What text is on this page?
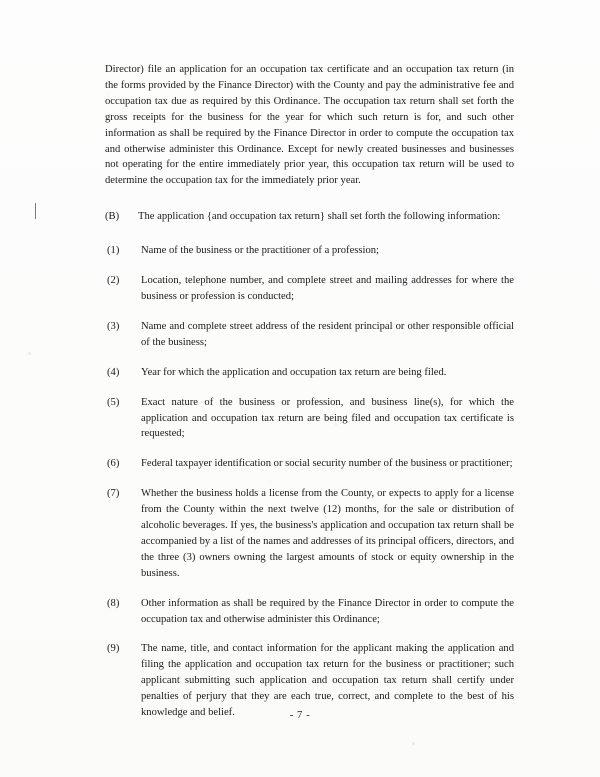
Director) file an application for an occupation tax certificate and an occupation tax return (in the forms provided by the Finance Director) with the County and pay the administrative fee and occupation tax due as required by this Ordinance. The occupation tax return shall set forth the gross receipts for the business for the year for which such return is for, and such other information as shall be required by the Finance Director in order to compute the occupation tax and otherwise administer this Ordinance. Except for newly created businesses and businesses not operating for the entire immediately prior year, this occupation tax return will be used to determine the occupation tax for the immediately prior year.

(B)	The application {and occupation tax return} shall set forth the following information:
(1)	Name of the business or the practitioner of a profession;
(2)	Location, telephone number, and complete street and mailing addresses for where the business or profession is conducted;
(3)	Name and complete street address of the resident principal or other responsible official of the business;
(4)	Year for which the application and occupation tax return are being filed.
(5)	Exact nature of the business or profession, and business line(s), for which the application and occupation tax return are being filed and occupation tax certificate is requested;
(6)	Federal taxpayer identification or social security number of the business or practitioner;
(7)	Whether the business holds a license from the County, or expects to apply for a license from the County within the next twelve (12) months, for the sale or distribution of alcoholic beverages. If yes, the business's application and occupation tax return shall be accompanied by a list of the names and addresses of its principal officers, directors, and the three (3) owners owning the largest amounts of stock or equity ownership in the business.
(8)	Other information as shall be required by the Finance Director in order to compute the occupation tax and otherwise administer this Ordinance;
(9)	The name, title, and contact information for the applicant making the application and filing the application and occupation tax return for the business or practitioner; such applicant submitting such application and occupation tax return shall certify under penalties of perjury that they are each true, correct, and complete to the best of his knowledge and belief.	- 7 -
